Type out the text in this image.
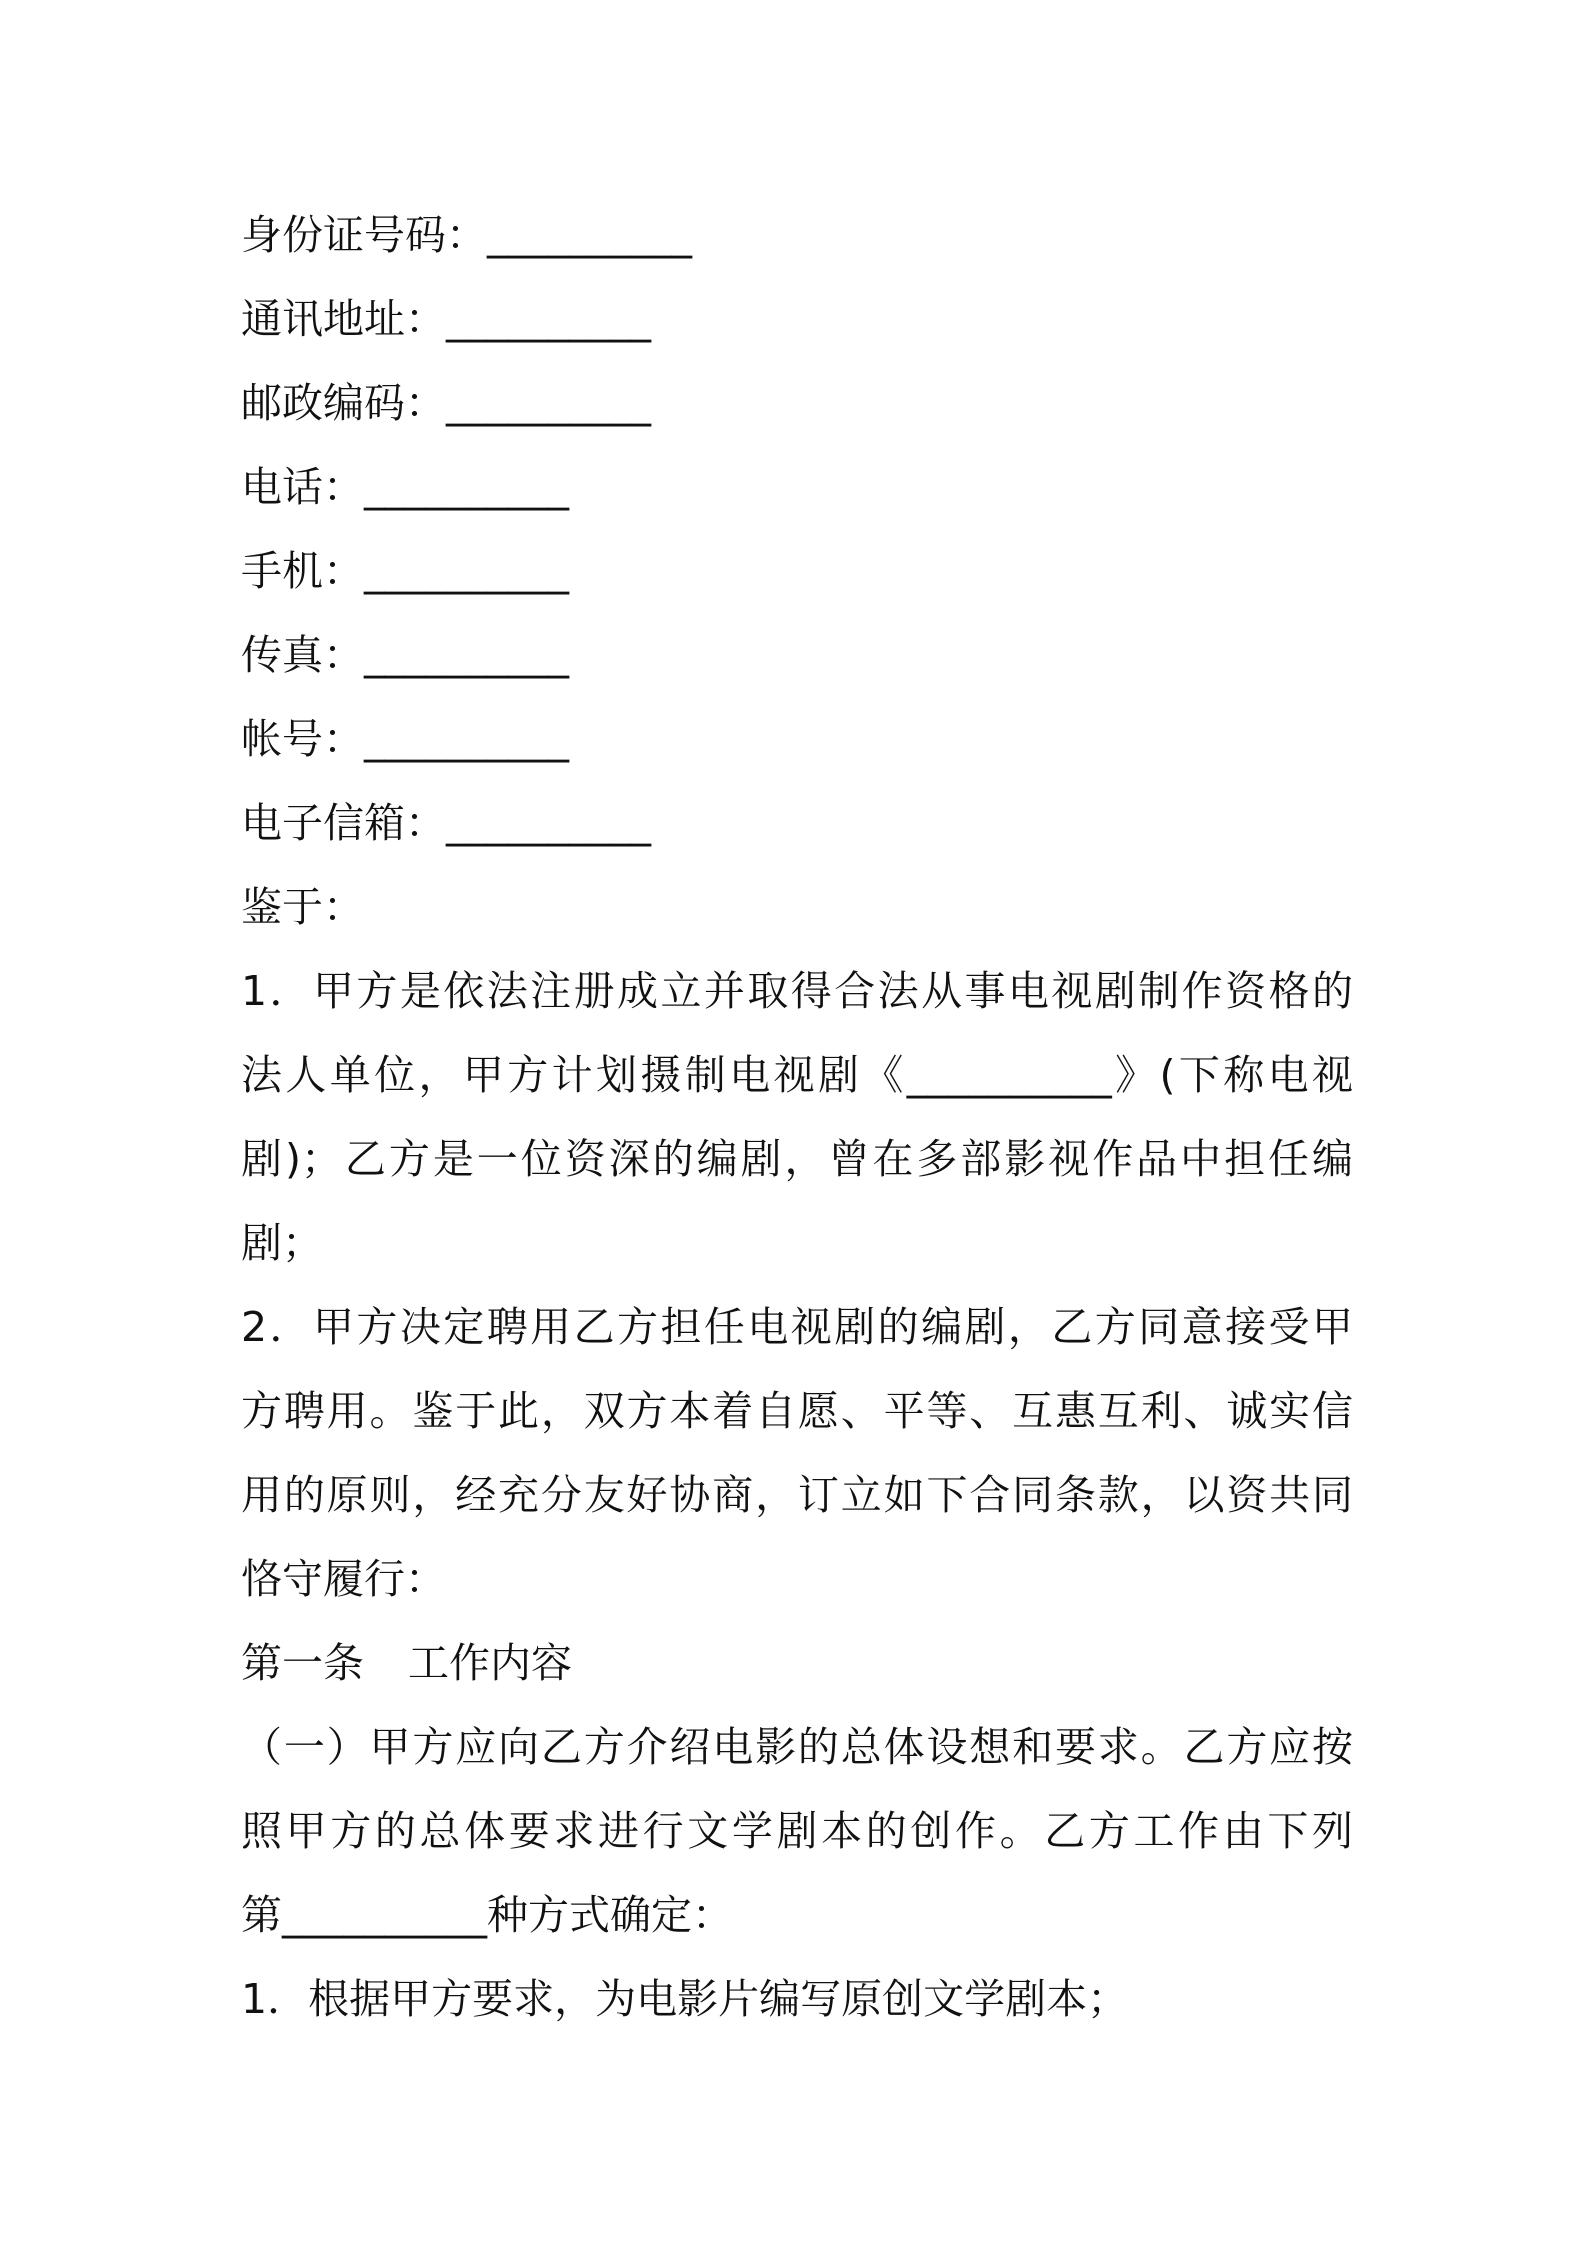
身份证号码：__________
通讯地址：__________
邮政编码：__________
电话：__________
手机：__________
传真：__________
帐号：__________
电子信箱：__________
鉴于：
1．甲方是依法注册成立并取得合法从事电视剧制作资格的
法人单位，甲方计划摄制电视剧《__________》(下称电视
剧)；乙方是一位资深的编剧，曾在多部影视作品中担任编
剧；
2．甲方决定聘用乙方担任电视剧的编剧，乙方同意接受甲
方聘用。鉴于此，双方本着自愿、平等、互惠互利、诚实信
用的原则，经充分友好协商，订立如下合同条款，以资共同
恪守履行：
第一条 工作内容
（一）甲方应向乙方介绍电影的总体设想和要求。乙方应按
照甲方的总体要求进行文学剧本的创作。乙方工作由下列
第__________种方式确定：
1．根据甲方要求，为电影片编写原创文学剧本；
